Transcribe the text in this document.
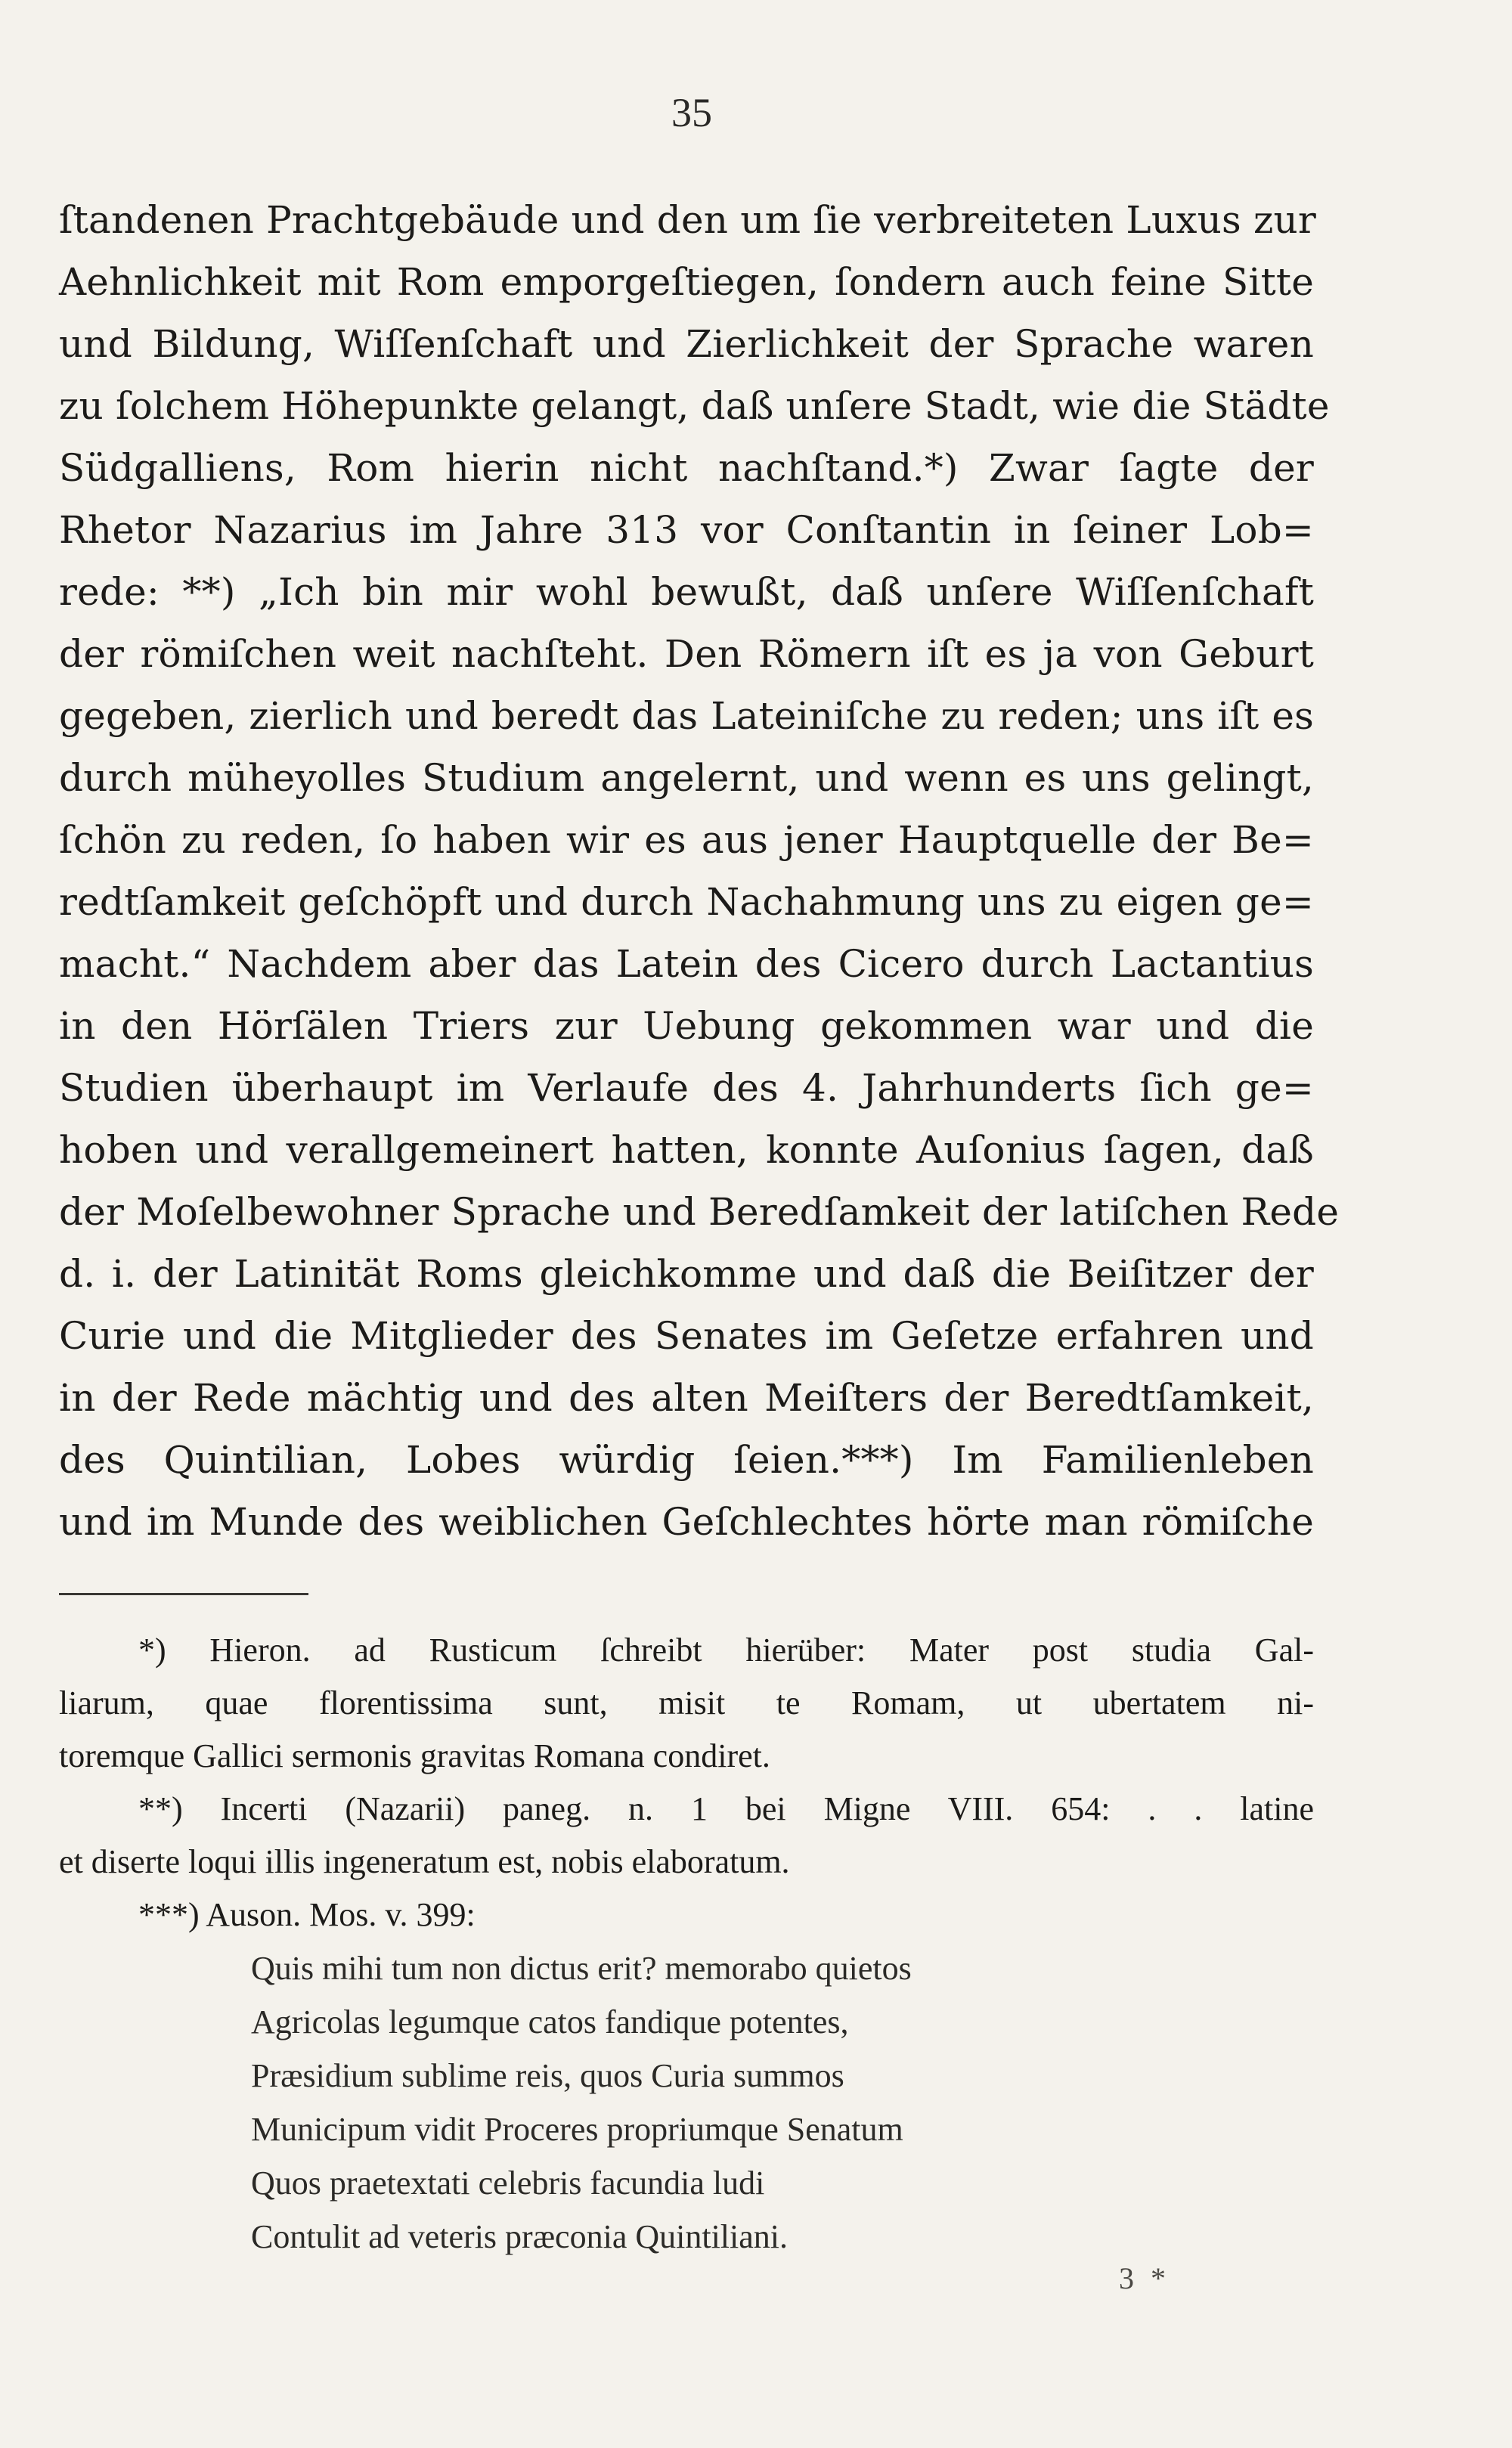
35
ſtandenen Prachtgebäude und den um ſie verbreiteten Luxus zur
Aehnlichkeit mit Rom emporgeſtiegen, ſondern auch feine Sitte
und Bildung, Wiſſenſchaft und Zierlichkeit der Sprache waren
zu ſolchem Höhepunkte gelangt, daß unſere Stadt, wie die Städte
Südgalliens, Rom hierin nicht nachſtand.*) Zwar ſagte der
Rhetor Nazarius im Jahre 313 vor Conſtantin in ſeiner Lob=
rede: **) „Ich bin mir wohl bewußt, daß unſere Wiſſenſchaft
der römiſchen weit nachſteht. Den Römern iſt es ja von Geburt
gegeben, zierlich und beredt das Lateiniſche zu reden; uns iſt es
durch müheyolles Studium angelernt, und wenn es uns gelingt,
ſchön zu reden, ſo haben wir es aus jener Hauptquelle der Be=
redtſamkeit geſchöpft und durch Nachahmung uns zu eigen ge=
macht.“ Nachdem aber das Latein des Cicero durch Lactantius
in den Hörſälen Triers zur Uebung gekommen war und die
Studien überhaupt im Verlaufe des 4. Jahrhunderts ſich ge=
hoben und verallgemeinert hatten, konnte Auſonius ſagen, daß
der Moſelbewohner Sprache und Beredſamkeit der latiſchen Rede
d. i. der Latinität Roms gleichkomme und daß die Beiſitzer der
Curie und die Mitglieder des Senates im Geſetze erfahren und
in der Rede mächtig und des alten Meiſters der Beredtſamkeit,
des Quintilian, Lobes würdig ſeien.***) Im Familienleben
und im Munde des weiblichen Geſchlechtes hörte man römiſche
*) Hieron. ad Rusticum ſchreibt hierüber: Mater post studia Gal-
liarum, quae florentissima sunt, misit te Romam, ut ubertatem ni-
toremque Gallici sermonis gravitas Romana condiret.
**) Incerti (Nazarii) paneg. n. 1 bei Migne VIII. 654: . . latine
et diserte loqui illis ingeneratum est, nobis elaboratum.
***) Auson. Mos. v. 399:
Quis mihi tum non dictus erit? memorabo quietos
Agricolas legumque catos fandique potentes,
Præsidium sublime reis, quos Curia summos
Municipum vidit Proceres propriumque Senatum
Quos praetextati celebris facundia ludi
Contulit ad veteris præconia Quintiliani.
3 *
